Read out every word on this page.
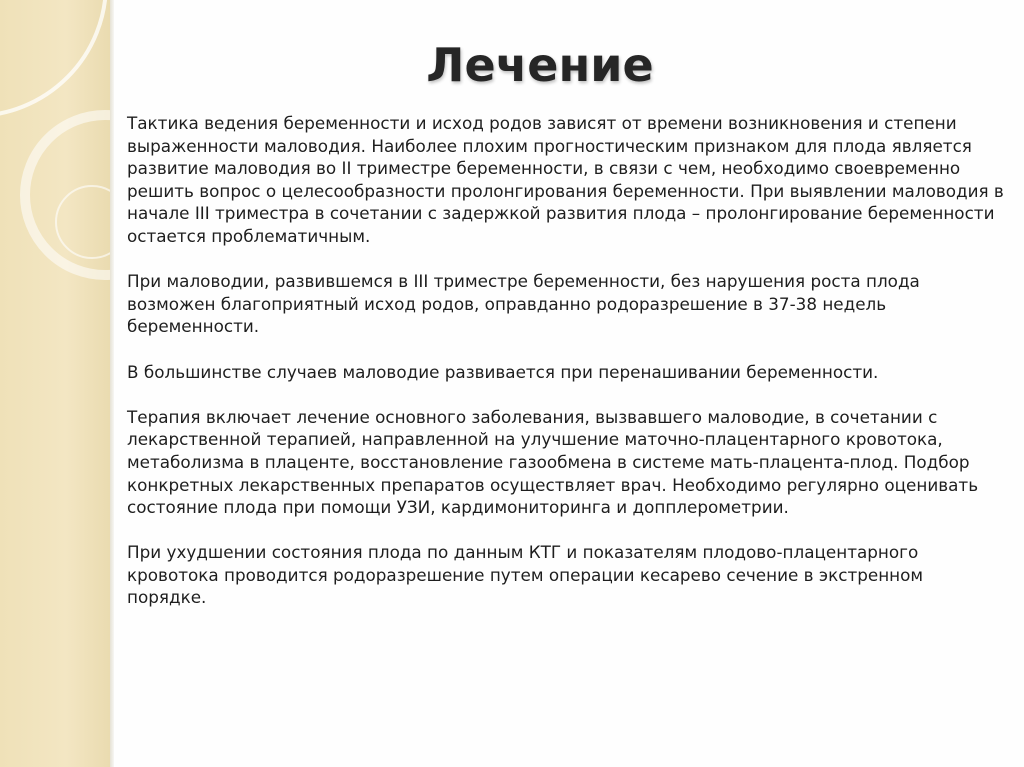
Лечение

Тактика ведения беременности и исход родов зависят от времени возникновения и степени выраженности маловодия. Наиболее плохим прогностическим признаком для плода является развитие маловодия во II триместре беременности, в связи с чем, необходимо своевременно решить вопрос о целесообразности пролонгирования беременности. При выявлении маловодия в начале III триместра в сочетании с задержкой развития плода – пролонгирование беременности остается проблематичным.

При маловодии, развившемся в III триместре беременности, без нарушения роста плода возможен благоприятный исход родов, оправданно родоразрешение в 37-38 недель беременности.

В большинстве случаев маловодие развивается при перенашивании беременности.

Терапия включает лечение основного заболевания, вызвавшего маловодие, в сочетании с лекарственной терапией, направленной на улучшение маточно-плацентарного кровотока, метаболизма в плаценте, восстановление газообмена в системе мать-плацента-плод. Подбор конкретных лекарственных препаратов осуществляет врач. Необходимо регулярно оценивать состояние плода при помощи УЗИ, кардимониторинга и допплерометрии.

При ухудшении состояния плода по данным КТГ и показателям плодово-плацентарного кровотока проводится родоразрешение путем операции кесарево сечение в экстренном порядке.
